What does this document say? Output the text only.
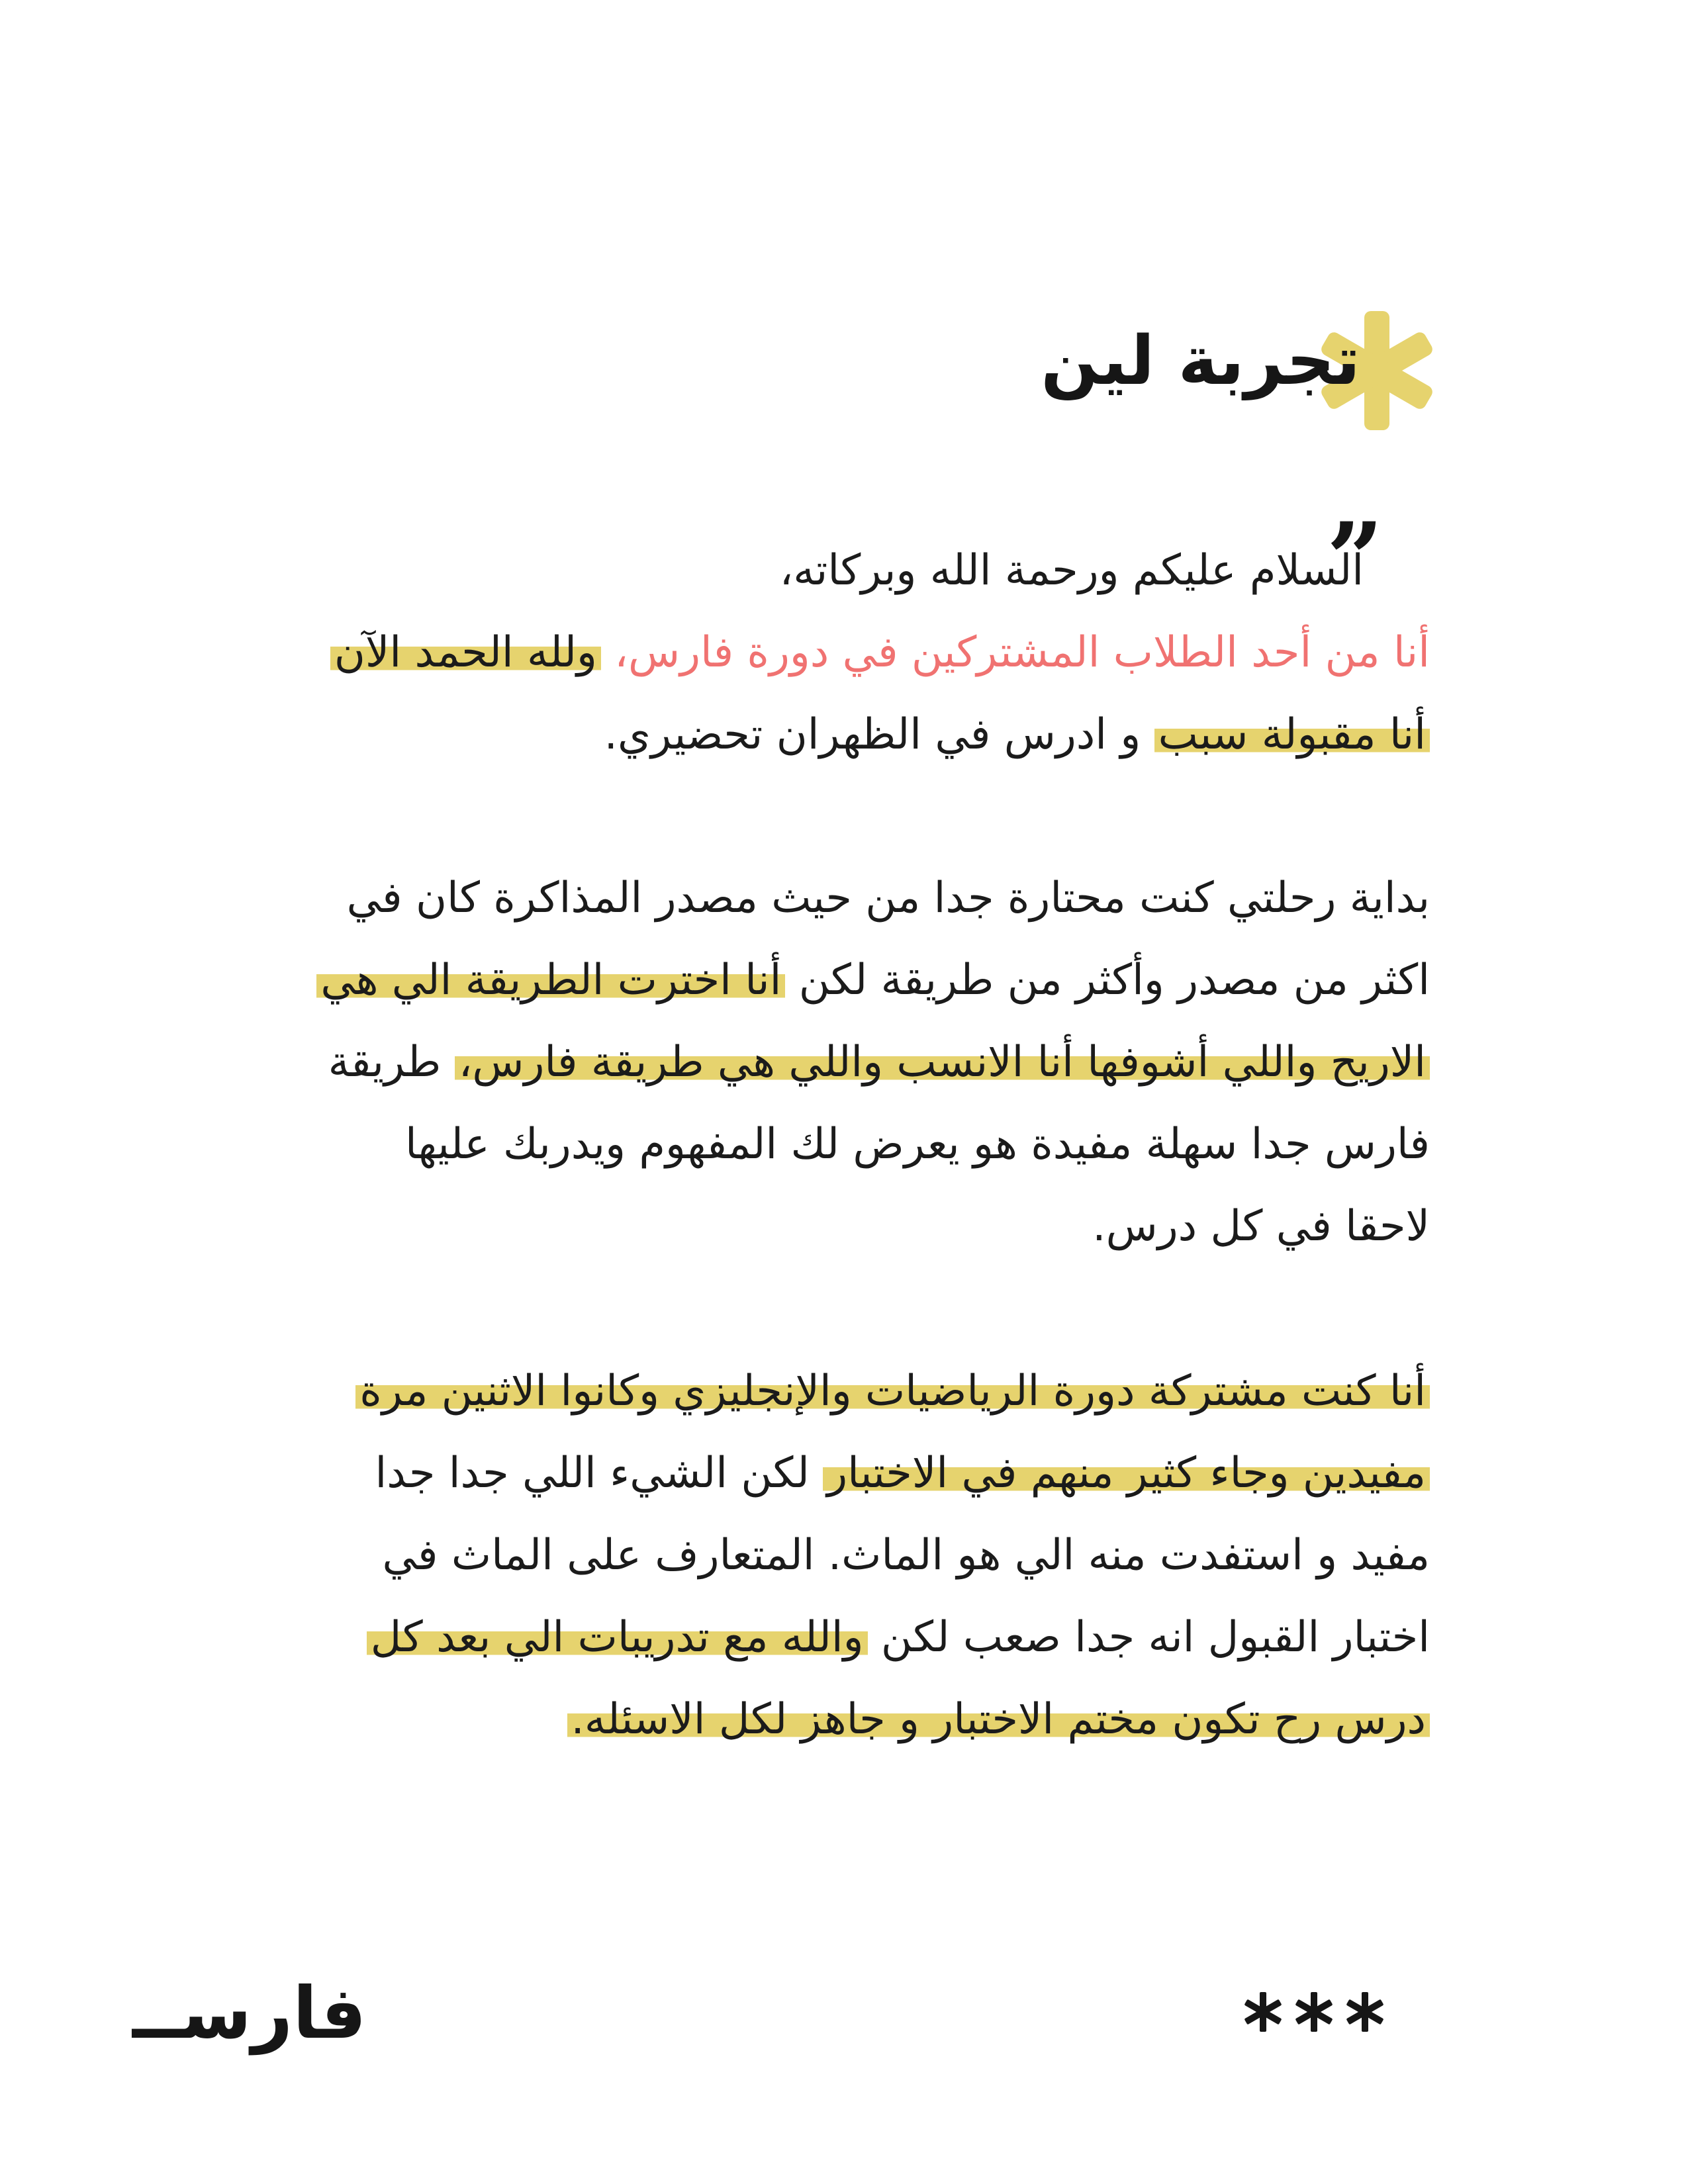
تجربة لين
”
السلام عليكم ورحمة الله وبركاته،
أنا من أحد الطلاب المشتركين في دورة فارس، ولله الحمد الآن
أنا مقبولة سبب و ادرس في الظهران تحضيري.
بداية رحلتي كنت محتارة جدا من حيث مصدر المذاكرة كان في
اكثر من مصدر وأكثر من طريقة لكن أنا اخترت الطريقة الي هي
الاريح واللي أشوفها أنا الانسب واللي هي طريقة فارس، طريقة
فارس جدا سهلة مفيدة هو يعرض لك المفهوم ويدربك عليها
لاحقا في كل درس.
أنا كنت مشتركة دورة الرياضيات والإنجليزي وكانوا الاثنين مرة
مفيدين وجاء كثير منهم في الاختبار لكن الشيء اللي جدا جدا
مفيد و استفدت منه الي هو الماث. المتعارف على الماث في
اختبار القبول انه جدا صعب لكن والله مع تدريبات الي بعد كل
درس رح تكون مختم الاختبار و جاهز لكل الاسئله.
فارســ
